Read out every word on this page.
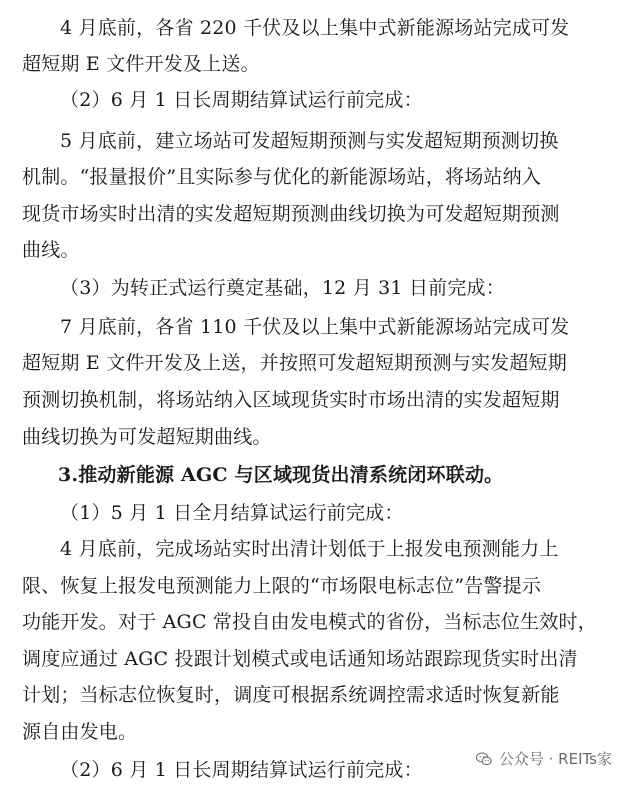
4 月底前，各省 220 千伏及以上集中式新能源场站完成可发
超短期 E 文件开发及上送。
（2）6 月 1 日长周期结算试运行前完成：
5 月底前，建立场站可发超短期预测与实发超短期预测切换
机制。“报量报价”且实际参与优化的新能源场站，将场站纳入
现货市场实时出清的实发超短期预测曲线切换为可发超短期预测
曲线。
（3）为转正式运行奠定基础，12 月 31 日前完成：
7 月底前，各省 110 千伏及以上集中式新能源场站完成可发
超短期 E 文件开发及上送，并按照可发超短期预测与实发超短期
预测切换机制，将场站纳入区域现货实时市场出清的实发超短期
曲线切换为可发超短期曲线。
3.推动新能源 AGC 与区域现货出清系统闭环联动。
（1）5 月 1 日全月结算试运行前完成：
4 月底前，完成场站实时出清计划低于上报发电预测能力上
限、恢复上报发电预测能力上限的“市场限电标志位”告警提示
功能开发。对于 AGC 常投自由发电模式的省份，当标志位生效时，
调度应通过 AGC 投跟计划模式或电话通知场站跟踪现货实时出清
计划；当标志位恢复时，调度可根据系统调控需求适时恢复新能
源自由发电。
（2）6 月 1 日长周期结算试运行前完成：	公众号 · REITs家
